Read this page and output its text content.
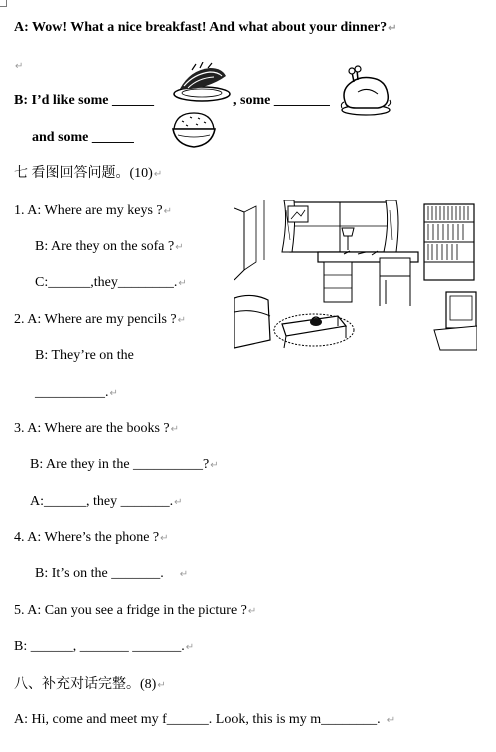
A: Wow! What a nice breakfast! And what about your dinner?↵
↵
B: I’d like some ______	, some ________
and some ______
七 看图回答问题。(10)↵
1. A: Where are my keys ?↵
B: Are they on the sofa ?↵
C:______,they________.↵
2. A: Where are my pencils ?↵
B: They’re on the
__________.↵
3. A: Where are the books ?↵
B: Are they in the __________?↵
A:______, they _______.↵
4. A: Where’s the phone ?↵
B: It’s on the _______. ↵
5. A: Can you see a fridge in the picture ?↵
B: ______, _______ _______.↵
八、补充对话完整。(8)↵
A: Hi, come and meet my f______. Look, this is my m________. ↵
